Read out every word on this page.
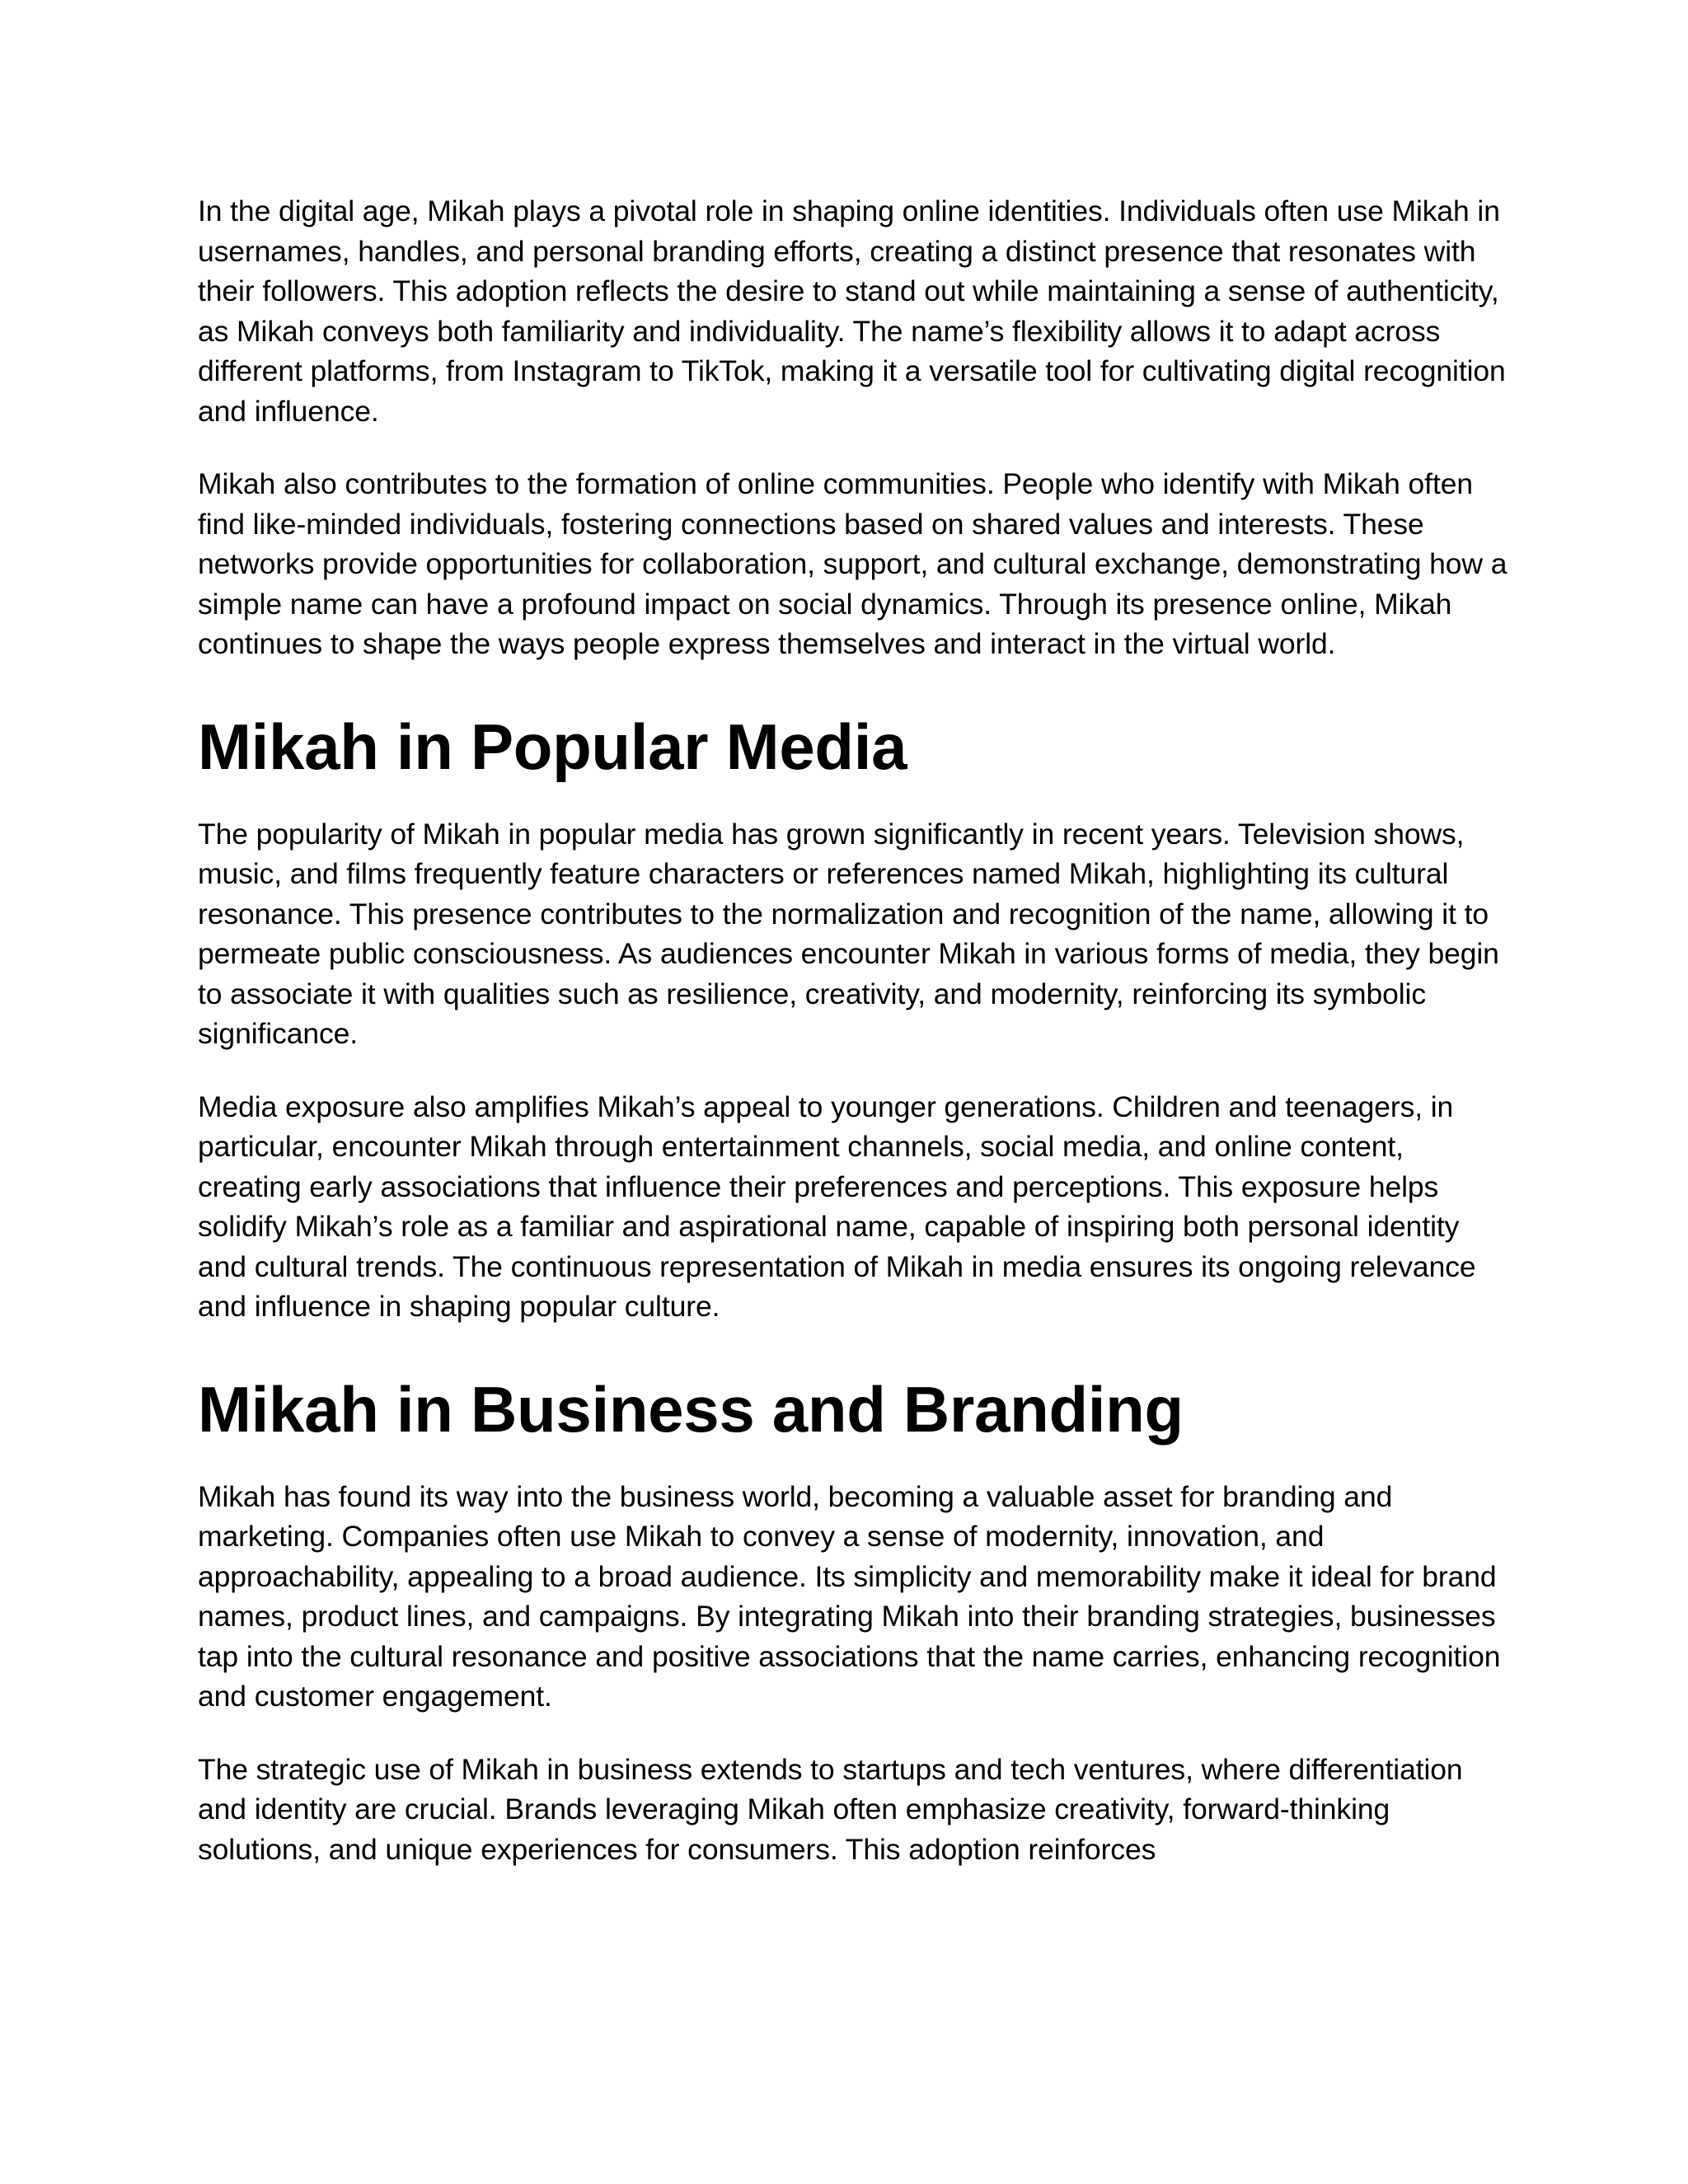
In the digital age, Mikah plays a pivotal role in shaping online identities. Individuals often use Mikah in usernames, handles, and personal branding efforts, creating a distinct presence that resonates with their followers. This adoption reflects the desire to stand out while maintaining a sense of authenticity, as Mikah conveys both familiarity and individuality. The name’s flexibility allows it to adapt across different platforms, from Instagram to TikTok, making it a versatile tool for cultivating digital recognition and influence.

Mikah also contributes to the formation of online communities. People who identify with Mikah often find like-minded individuals, fostering connections based on shared values and interests. These networks provide opportunities for collaboration, support, and cultural exchange, demonstrating how a simple name can have a profound impact on social dynamics. Through its presence online, Mikah continues to shape the ways people express themselves and interact in the virtual world.

Mikah in Popular Media

The popularity of Mikah in popular media has grown significantly in recent years. Television shows, music, and films frequently feature characters or references named Mikah, highlighting its cultural resonance. This presence contributes to the normalization and recognition of the name, allowing it to permeate public consciousness. As audiences encounter Mikah in various forms of media, they begin to associate it with qualities such as resilience, creativity, and modernity, reinforcing its symbolic significance.

Media exposure also amplifies Mikah’s appeal to younger generations. Children and teenagers, in particular, encounter Mikah through entertainment channels, social media, and online content, creating early associations that influence their preferences and perceptions. This exposure helps solidify Mikah’s role as a familiar and aspirational name, capable of inspiring both personal identity and cultural trends. The continuous representation of Mikah in media ensures its ongoing relevance and influence in shaping popular culture.

Mikah in Business and Branding

Mikah has found its way into the business world, becoming a valuable asset for branding and marketing. Companies often use Mikah to convey a sense of modernity, innovation, and approachability, appealing to a broad audience. Its simplicity and memorability make it ideal for brand names, product lines, and campaigns. By integrating Mikah into their branding strategies, businesses tap into the cultural resonance and positive associations that the name carries, enhancing recognition and customer engagement.

The strategic use of Mikah in business extends to startups and tech ventures, where differentiation and identity are crucial. Brands leveraging Mikah often emphasize creativity, forward-thinking solutions, and unique experiences for consumers. This adoption reinforces
